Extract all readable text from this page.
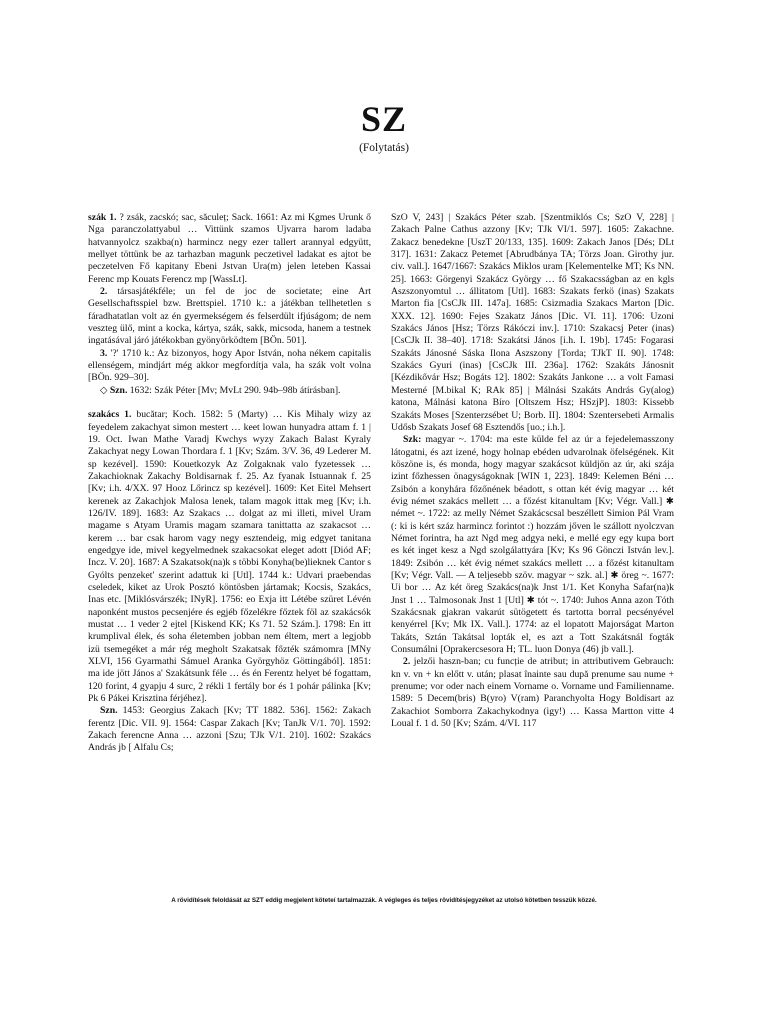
SZ
(Folytatás)

szák 1. ? zsák, zacskó; sac, săculeț; Sack. 1661: Az mi Kgmes Urunk ő Nga paranczolattyabul … Vittünk szamos Ujvarra harom ladaba hatvannyolcz szakba(n) harmincz negy ezer tallert arannyal edgyütt, mellyet töttünk be az tarhazban magunk peczetivel ladakat es ajtot be peczetelven Fő kapitany Ebeni Jstvan Ura(m) jelen leteben Kassai Ferenc mp Kouats Ferencz mp [WassLt].

2. társasjátékféle; un fel de joc de societate; eine Art Gesellschaftsspiel bzw. Brettspiel. 1710 k.: a játékban tellhetetlen s fáradhatatlan volt az én gyermekségem és felserdült ifjúságom; de nem veszteg ülő, mint a kocka, kártya, szák, sakk, micsoda, hanem a testnek ingatásával járó játékokban gyönyörködtem [BÖn. 501].

3. '?' 1710 k.: Az bizonyos, hogy Apor István, noha nékem capitalis ellenségem, mindjárt még akkor megfordítja vala, ha szák volt volna [BÖn. 929–30].

◇ Szn. 1632: Szák Péter [Mv; MvLt 290. 94b–98b átírásban].

szakács 1. bucătar; Koch. 1582: 5 (Marty) … Kis Mihaly wizy az feyedelem zakachyat simon mestert … keet lowan hunyadra attam f. 1 | 19. Oct. Iwan Mathe Varadj Kwchys wyzy Zakach Balast Kyraly Zakachyat negy Lowan Thordara f. 1 [Kv; Szám. 3/V. 36, 49 Lederer M. sp kezével]. 1590: Kouetkozyk Az Zolgaknak valo fyzetessek … Zakachioknak Zakachy Boldisarnak f. 25. Az fyanak Istuannak f. 25 [Kv; i.h. 4/XX. 97 Hooz Lőrincz sp kezével]. 1609: Ket Eitel Mehsert kerenek az Zakachjok Malosa lenek, talam magok ittak meg [Kv; i.h. 126/IV. 189]. 1683: Az Szakacs … dolgat az mi illeti, mivel Uram magame s Atyam Uramis magam szamara tanittatta az szakacsot … kerem … bar csak harom vagy negy esztendeig, mig edgyet tanitana engedgye ide, mivel kegyelmednek szakacsokat eleget adott [Diód AF; Incz. V. 20]. 1687: A Szakatsok(na)k s többi Konyha(be)lieknek Cantor s Gyólts penzeket' szerint adattuk ki [Utl]. 1744 k.: Udvari praebendas cseledek, kiket az Urok Posztó köntösben jártamak; Kocsis, Szakács, Inas etc. [Miklósvárszék; INyR]. 1756: eo Exja itt Létébe szüret Lévén naponként mustos pecsenjére és egjéb főzelékre főztek föl az szakácsók mustat … 1 veder 2 ejtel [Kiskend KK; Ks 71. 52 Szám.]. 1798: En itt krumplival élek, és soha életemben jobban nem éltem, mert a legjobb izü tsemegéket a már rég megholt Szakatsak főzték számomra [MNy XLVI, 156 Gyarmathi Sámuel Aranka Györgyhöz Göttingából]. 1851: ma ide jött János a' Szakátsunk féle … és én Ferentz helyet bé fogattam, 120 forint, 4 gyapju 4 surc, 2 rékli 1 fertály bor és 1 pohár pálinka [Kv; Pk 6 Pákei Krisztina férjéhez].

Szn. 1453: Georgius Zakach [Kv; TT 1882. 536]. 1562: Zakach ferentz [Dic. VII. 9]. 1564: Caspar Zakach [Kv; TanJk V/1. 70]. 1592: Zakach ferencne Anna … azzoni [Szu; TJk V/1. 210]. 1602: Szakács András jb [ Alfalu Cs;

SzO V, 243] | Szakács Péter szab. [Szentmiklós Cs; SzO V, 228] | Zakach Palne Cathus azzony [Kv; TJk VI/1. 597]. 1605: Zakachne. Zakacz benedekne [UszT 20/133, 135]. 1609: Zakach Janos [Dés; DLt 317]. 1631: Zakacz Petemet [Abrudbánya TA; Törzs Joan. Girothy jur. civ. vall.]. 1647/1667: Szakács Miklos uram [Kelementelke MT; Ks NN. 25]. 1663: Görgenyi Szakácz György … fő Szakacsságban az en kgls Aszszonyomtul … állitatom [Utl]. 1683: Szakats ferkö (inas) Szakats Marton fia [CsCJk III. 147a]. 1685: Csizmadia Szakacs Marton [Dic. XXX. 12]. 1690: Fejes Szakatz János [Dic. VI. 11]. 1706: Uzoni Szakács János [Hsz; Törzs Rákóczi inv.]. 1710: Szakacsj Peter (inas) [CsCJk II. 38–40]. 1718: Szakátsi János [i.h. I. 19b]. 1745: Fogarasi Szakáts Jánosné Sáska Ilona Aszszony [Torda; TJkT II. 90]. 1748: Szakács Gyuri (inas) [CsCJk III. 236a]. 1762: Szakáts Jánosnit [Kézdikővár Hsz; Bogáts 12]. 1802: Szakáts Jankone … a volt Famasi Mesterné [M.bikal K; RAk 85] | Málnási Szakáts András Gy(alog) katona, Málnási katona Bíro [Oltszem Hsz; HSzjP]. 1803: Kissebb Szakáts Moses [Szenterzsébet U; Borb. II]. 1804: Szentersebeti Armalis Udősb Szakats Josef 68 Esztendős [uo.; i.h.].

Szk: magyar ~. 1704: ma este külde fel az úr a fejedelemasszony látogatni, és azt izené, hogy holnap ebéden udvarolnak öfelségének. Kit köszöne is, és monda, hogy magyar szakácsot küldjön az úr, aki szája izint főzhessen önagyságoknak [WIN 1, 223]. 1849: Kelemen Béni … Zsibón a konyhára főzőnének béadott, s ottan két évig magyar … két évig német szakács mellett … a főzést kitanultam [Kv; Végr. Vall.] ✱ német ~. 1722: az melly Német Szakácscsal beszéllett Simion Pál Vram (: ki is kért száz harmincz forintot :) hozzám jőven le szállott nyolczvan Német forintra, ha azt Ngd meg adgya neki, e mellé egy egy kupa bort es két inget kesz a Ngd szolgálattyára [Kv; Ks 96 Gönczi István lev.]. 1849: Zsibón … két évig német szakács mellett … a főzést kitanultam [Kv; Végr. Vall. — A teljesebb szöv. magyar ~ szk. al.] ✱ öreg ~. 1677: Ui bor … Az két öreg Szakács(na)k Jnst 1/1. Ket Konyha Safar(na)k Jnst 1 … Talmosonak Jnst 1 [Utl] ✱ tót ~. 1740: Juhos Anna azon Tóth Szakácsnak gjakran vakarút sütögetett és tartotta borral pecsényével kenyérrel [Kv; Mk IX. Vall.]. 1774: az el lopatott Majorságat Marton Takáts, Sztán Takátsal lopták el, es azt a Tott Szakátsnál fogták Consumálni [Oprakercsesora H; TL. luon Donya (46) jb vall.].

2. jelzői haszn-ban; cu funcție de atribut; in attributivem Gebrauch: kn v. vn + kn előtt v. után; plasat înainte sau după prenume sau nume + prenume; vor oder nach einem Vorname o. Vorname und Familienname. 1589: 5 Decem(bris) B(yro) V(ram) Paranchyolta Hogy Boldisart az Zakachiot Somborra Zakachykodnya (igy!) … Kassa Martton vitte 4 Loual f. 1 d. 50 [Kv; Szám. 4/VI. 117

A rövidítések feloldását az SZT eddig megjelent köteteí tartalmazzák. A végleges és teljes rövidítésjegyzéket az utolsó kötetben tesszük közzé.
